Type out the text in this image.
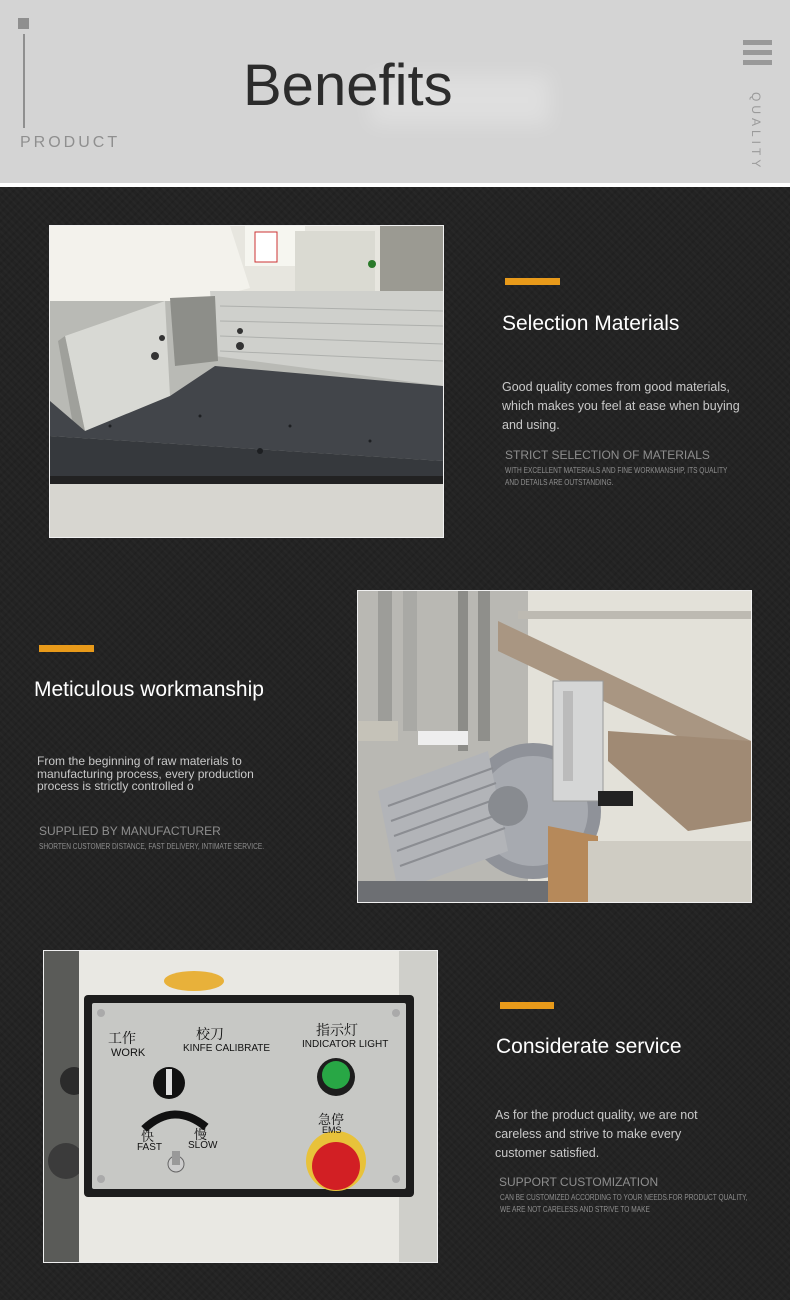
PRODUCT
Benefits
QUALITY
Selection Materials
Good quality comes from good materials, which makes you feel at ease when buying and using.
STRICT SELECTION OF MATERIALS
WITH EXCELLENT MATERIALS AND FINE WORKMANSHIP, ITS QUALITY
AND DETAILS ARE OUTSTANDING.
Meticulous workmanship
From the beginning of raw materials to
manufacturing process, every production
process is strictly controlled o
SUPPLIED BY MANUFACTURER
SHORTEN CUSTOMER DISTANCE, FAST DELIVERY, INTIMATE SERVICE.
工作
WORK
校刀
KINFE CALIBRATE
指示灯
INDICATOR LIGHT
快
FAST
慢
SLOW
急停
EMS
Considerate service
As for the product quality, we are not careless and strive to make every customer satisfied.
SUPPORT CUSTOMIZATION
CAN BE CUSTOMIZED ACCORDING TO YOUR NEEDS.FOR PRODUCT QUALITY,
WE ARE NOT CARELESS AND STRIVE TO MAKE
